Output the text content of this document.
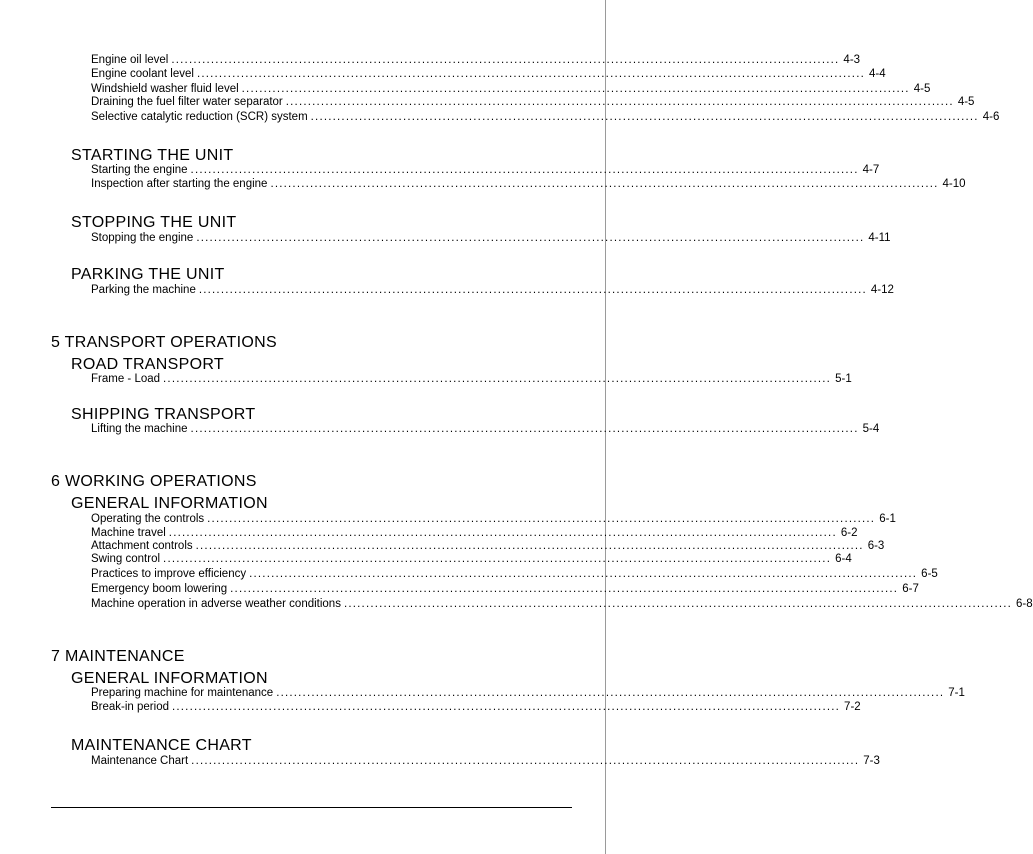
Engine oil level ........................................................................................................................................................ 4-3
Engine coolant level ........................................................................................................................................................ 4-4
Windshield washer fluid level ........................................................................................................................................................ 4-5
Draining the fuel filter water separator ........................................................................................................................................................ 4-5
Selective catalytic reduction (SCR) system ........................................................................................................................................................ 4-6
STARTING THE UNIT
Starting the engine ........................................................................................................................................................ 4-7
Inspection after starting the engine ........................................................................................................................................................ 4-10
STOPPING THE UNIT
Stopping the engine ........................................................................................................................................................ 4-11
PARKING THE UNIT
Parking the machine ........................................................................................................................................................ 4-12
5 TRANSPORT OPERATIONS
ROAD TRANSPORT
Frame - Load ........................................................................................................................................................ 5-1
SHIPPING TRANSPORT
Lifting the machine ........................................................................................................................................................ 5-4
6 WORKING OPERATIONS
GENERAL INFORMATION
Operating the controls ........................................................................................................................................................ 6-1
Machine travel ........................................................................................................................................................ 6-2
Attachment controls ........................................................................................................................................................ 6-3
Swing control ........................................................................................................................................................ 6-4
Practices to improve efficiency ........................................................................................................................................................ 6-5
Emergency boom lowering ........................................................................................................................................................ 6-7
Machine operation in adverse weather conditions ........................................................................................................................................................ 6-8
7 MAINTENANCE
GENERAL INFORMATION
Preparing machine for maintenance ........................................................................................................................................................ 7-1
Break-in period ........................................................................................................................................................ 7-2
MAINTENANCE CHART
Maintenance Chart ........................................................................................................................................................ 7-3
